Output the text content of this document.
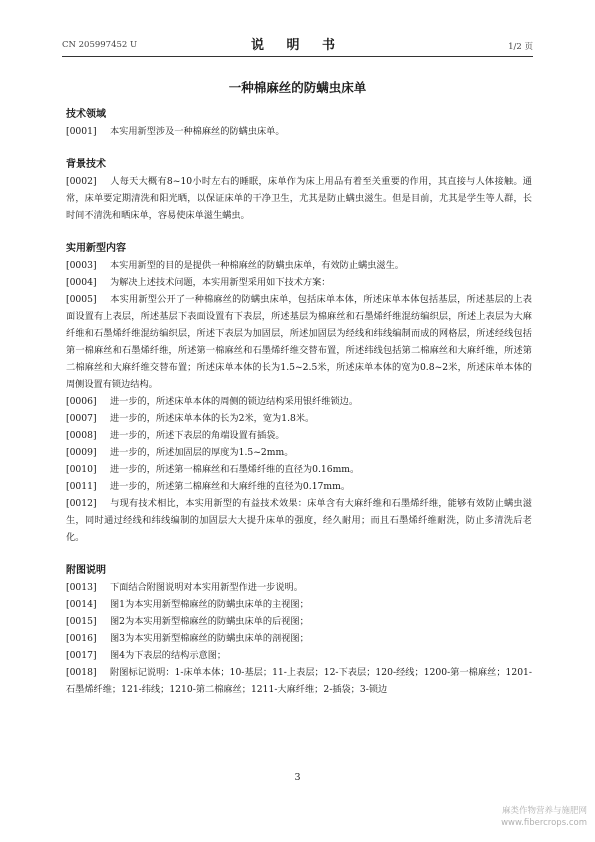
CN 205997452 U	说 明 书	1/2 页
一种棉麻丝的防螨虫床单
技术领域

[0001] 本实用新型涉及一种棉麻丝的防螨虫床单。

背景技术

[0002] 人每天大概有8~10小时左右的睡眠，床单作为床上用品有着至关重要的作用，其直接与人体接触。通常，床单要定期清洗和阳光晒，以保证床单的干净卫生，尤其是防止螨虫滋生。但是目前，尤其是学生等人群，长时间不清洗和晒床单，容易使床单滋生螨虫。

实用新型内容

[0003] 本实用新型的目的是提供一种棉麻丝的防螨虫床单，有效防止螨虫滋生。

[0004] 为解决上述技术问题，本实用新型采用如下技术方案：

[0005] 本实用新型公开了一种棉麻丝的防螨虫床单，包括床单本体，所述床单本体包括基层，所述基层的上表面设置有上表层，所述基层下表面设置有下表层，所述基层为棉麻丝和石墨烯纤维混纺编织层，所述上表层为大麻纤维和石墨烯纤维混纺编织层，所述下表层为加固层，所述加固层为经线和纬线编制而成的网格层，所述经线包括第一棉麻丝和石墨烯纤维，所述第一棉麻丝和石墨烯纤维交替布置，所述纬线包括第二棉麻丝和大麻纤维，所述第二棉麻丝和大麻纤维交替布置；所述床单本体的长为1.5~2.5米，所述床单本体的宽为0.8~2米，所述床单本体的周侧设置有锁边结构。

[0006] 进一步的，所述床单本体的周侧的锁边结构采用银纤维锁边。

[0007] 进一步的，所述床单本体的长为2米，宽为1.8米。

[0008] 进一步的，所述下表层的角端设置有插袋。

[0009] 进一步的，所述加固层的厚度为1.5~2mm。

[0010] 进一步的，所述第一棉麻丝和石墨烯纤维的直径为0.16mm。

[0011] 进一步的，所述第二棉麻丝和大麻纤维的直径为0.17mm。

[0012] 与现有技术相比，本实用新型的有益技术效果：床单含有大麻纤维和石墨烯纤维，能够有效防止螨虫滋生，同时通过经线和纬线编制的加固层大大提升床单的强度，经久耐用；而且石墨烯纤维耐洗，防止多清洗后老化。

附图说明

[0013] 下面结合附图说明对本实用新型作进一步说明。

[0014] 图1为本实用新型棉麻丝的防螨虫床单的主视图；

[0015] 图2为本实用新型棉麻丝的防螨虫床单的后视图；

[0016] 图3为本实用新型棉麻丝的防螨虫床单的剖视图；

[0017] 图4为下表层的结构示意图；

[0018] 附图标记说明：1-床单本体；10-基层；11-上表层；12-下表层；120-经线；1200-第一棉麻丝；1201-石墨烯纤维；121-纬线；1210-第二棉麻丝；1211-大麻纤维；2-插袋；3-锁边

3
麻类作物营养与施肥网
www.fibercrops.com
